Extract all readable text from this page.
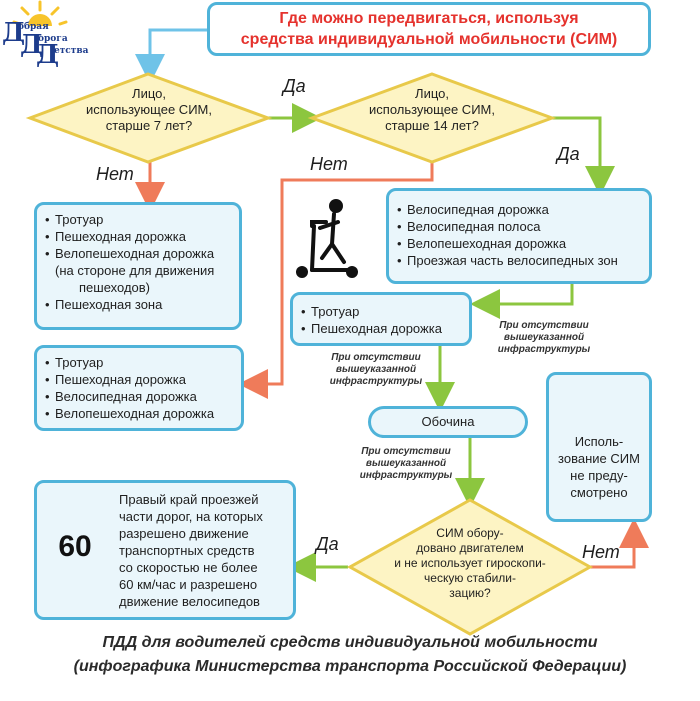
Д
обрая
Д
орога
Д
етства
Где можно передвигаться, используя
средства индивидуальной мобильности (СИМ)
Лицо,
использующее СИМ,
старше 7 лет?
Лицо,
использующее СИМ,
старше 14 лет?
СИМ обору-
довано двигателем
и не использует гироскопи-
ческую стабили-
зацию?
Да
Да
Нет	Нет
Да	Нет
• Тротуар
• Пешеходная дорожка
• Велопешеходная дорожка
(на стороне для движения
пешеходов)
• Пешеходная зона
• Тротуар
• Пешеходная дорожка
• Велосипедная дорожка
• Велопешеходная дорожка
• Велосипедная дорожка
• Велосипедная полоса
• Велопешеходная дорожка
• Проезжая часть велосипедных зон
• Тротуар
• Пешеходная дорожка
Обочина
При отсутствии
вышеуказанной
инфраструктуры
При отсутствии
вышеуказанной
инфраструктуры
При отсутствии
вышеуказанной
инфраструктуры
Исполь-
зование СИМ
не преду-
смотрено
Правый край проезжей
части дорог, на которых
разрешено движение
транспортных средств
со скоростью не более
60 км/час и разрешено
движение велосипедов
60
ПДД для водителей средств индивидуальной мобильности
(инфографика Министерства транспорта Российской Федерации)
